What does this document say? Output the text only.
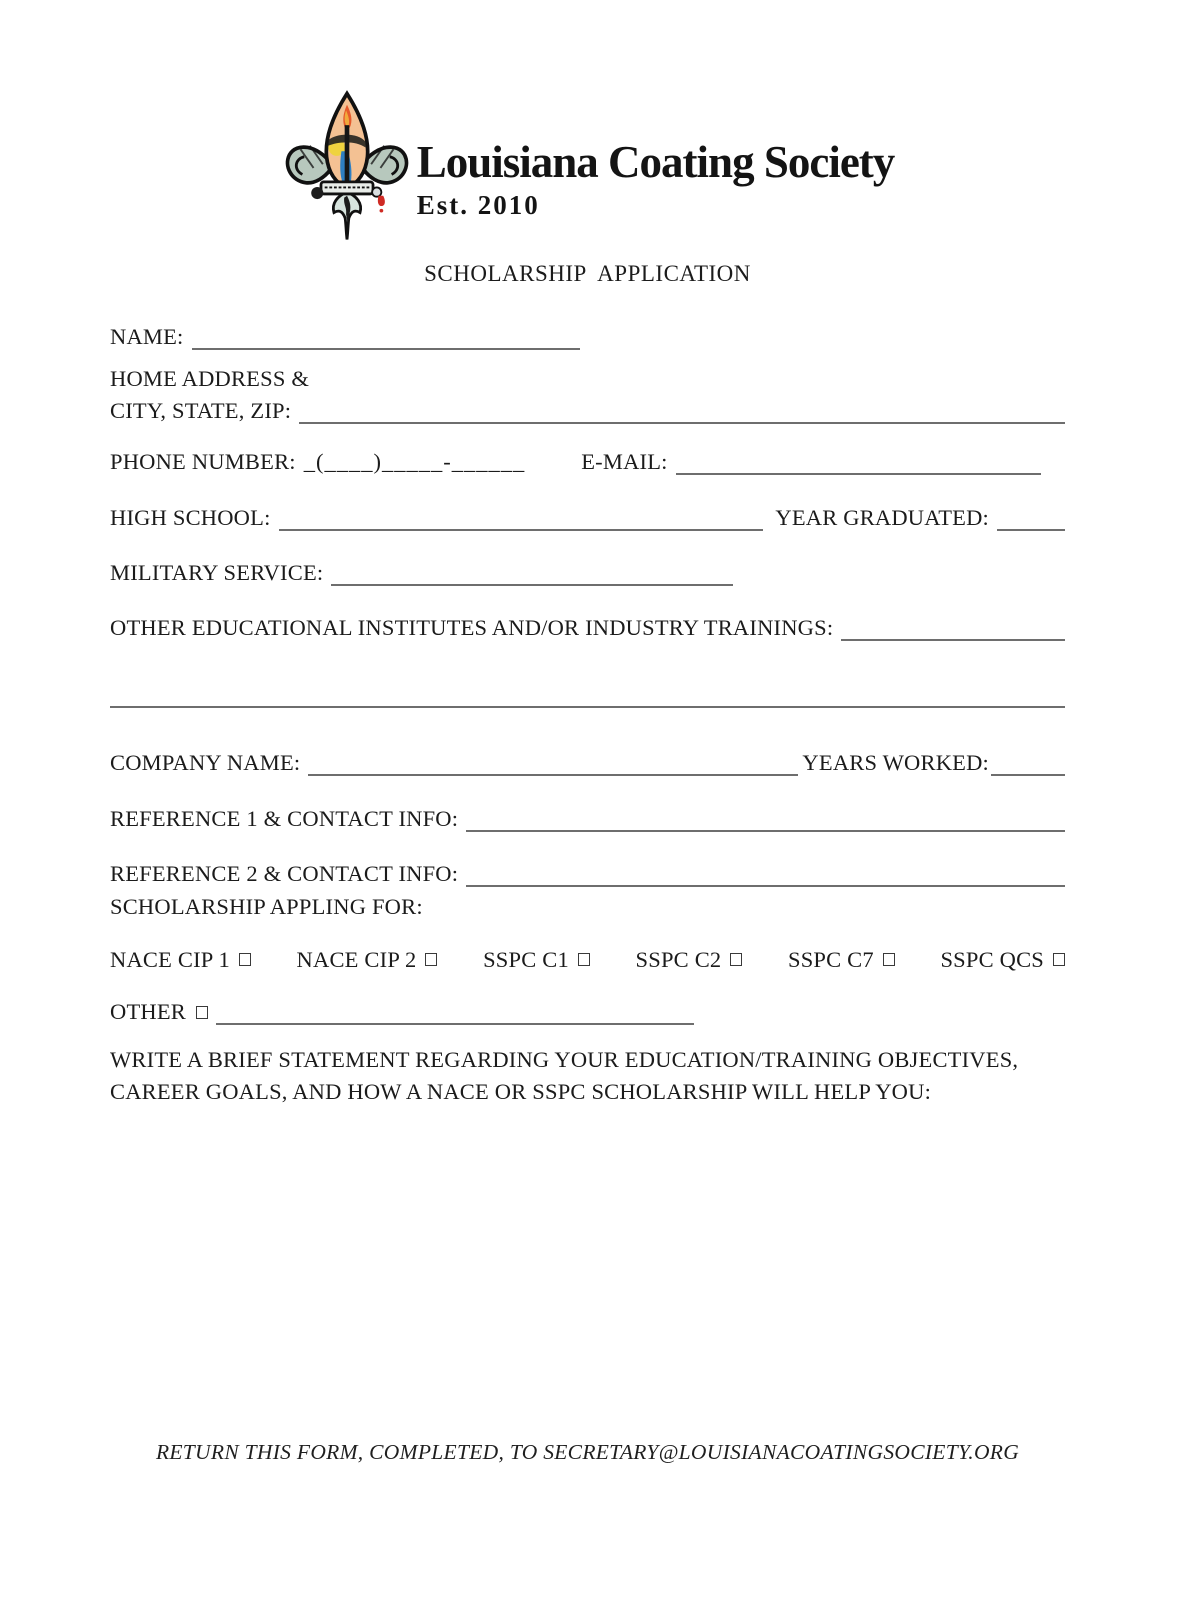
Louisiana Coating Society
Est. 2010
SCHOLARSHIP  APPLICATION
NAME:
HOME ADDRESS &
CITY, STATE, ZIP:
PHONE NUMBER: _(____)_____-______ E-MAIL:
HIGH SCHOOL:	YEAR GRADUATED:
MILITARY SERVICE:
OTHER EDUCATIONAL INSTITUTES AND/OR INDUSTRY TRAININGS:
COMPANY NAME:	YEARS WORKED:
REFERENCE 1 & CONTACT INFO:
REFERENCE 2 & CONTACT INFO:
SCHOLARSHIP APPLING FOR:
NACE CIP 1	NACE CIP 2	SSPC C1	SSPC C2	SSPC C7	SSPC QCS
OTHER
WRITE A BRIEF STATEMENT REGARDING YOUR EDUCATION/TRAINING OBJECTIVES,
CAREER GOALS, AND HOW A NACE OR SSPC SCHOLARSHIP WILL HELP YOU:
RETURN THIS FORM, COMPLETED, TO SECRETARY@LOUISIANACOATINGSOCIETY.ORG
